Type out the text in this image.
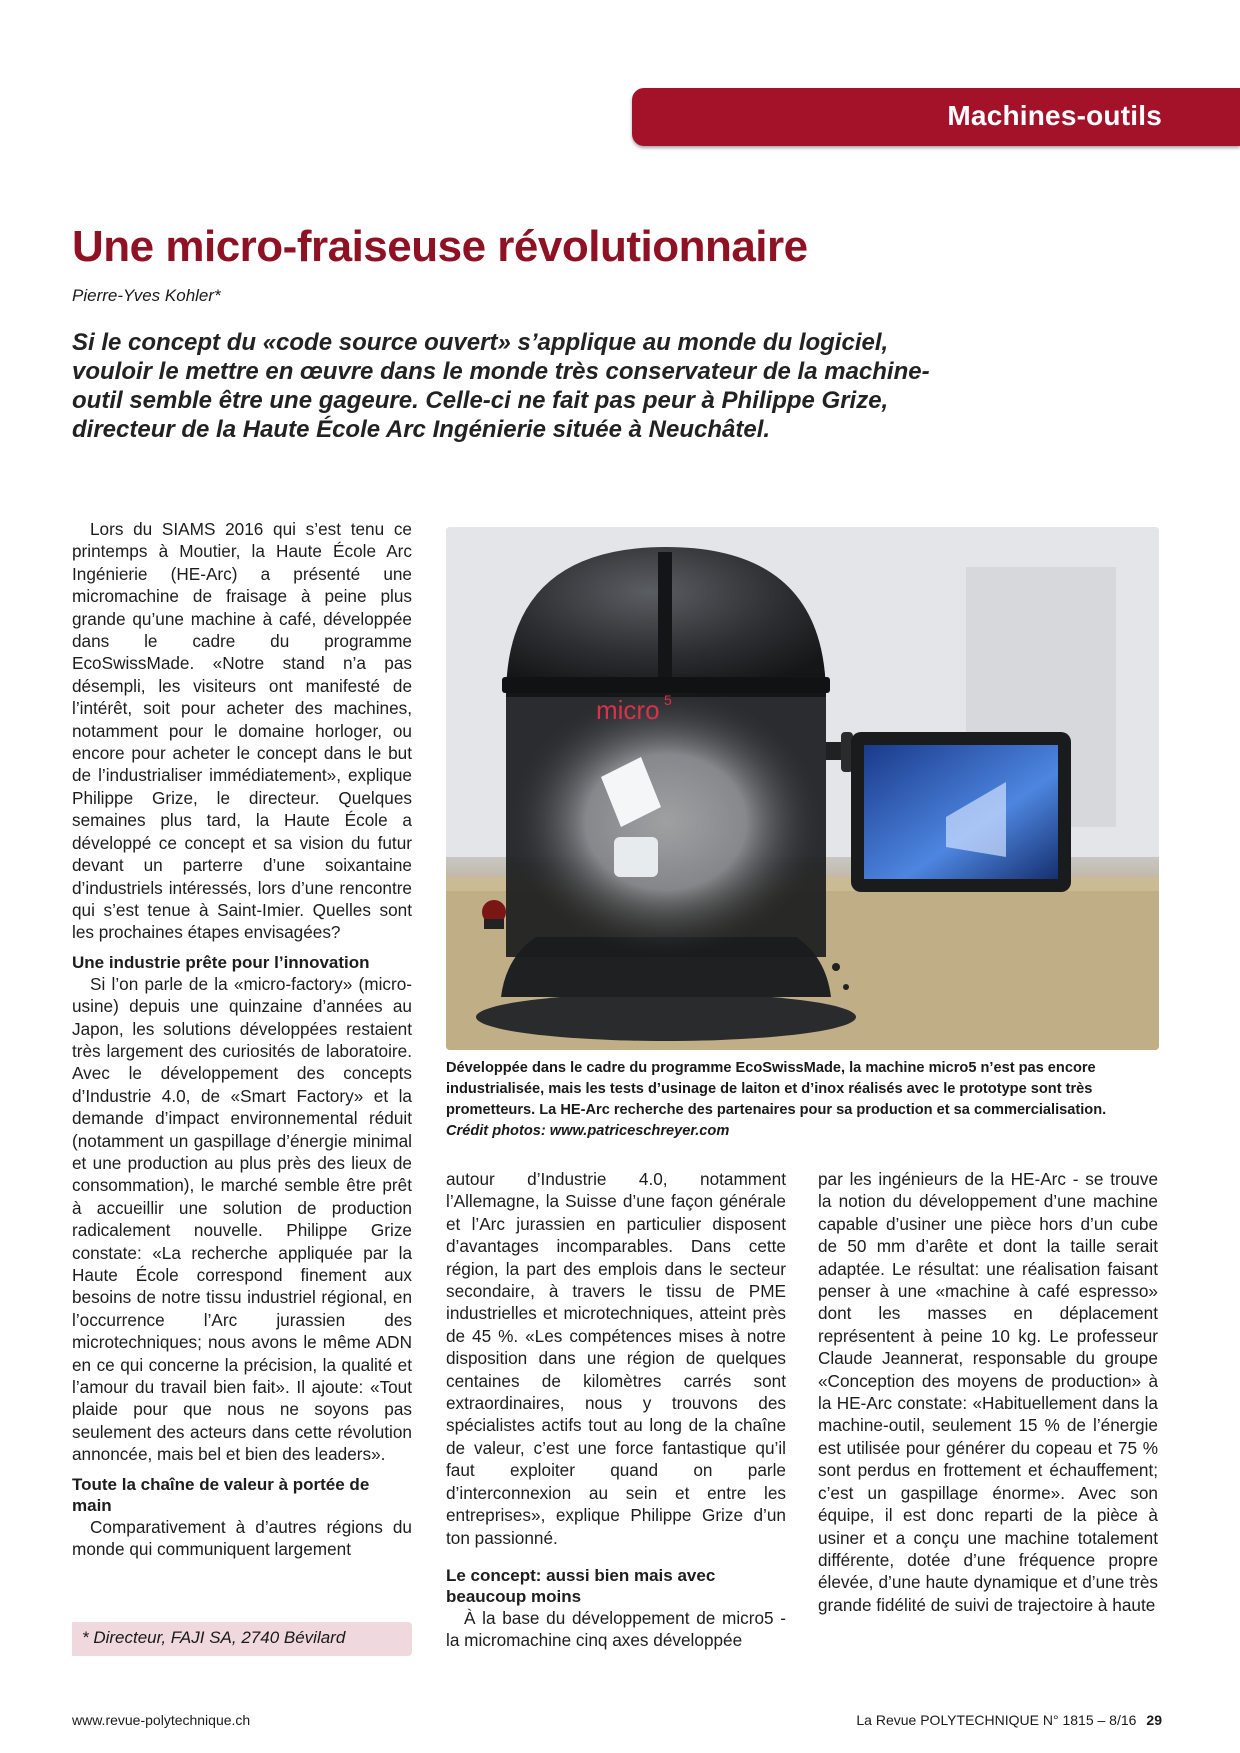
Machines-outils
Une micro-fraiseuse révolutionnaire
Pierre-Yves Kohler*

Si le concept du «code source ouvert» s’applique au monde du logiciel, vouloir le mettre en œuvre dans le monde très conservateur de la machine-outil semble être une gageure. Celle-ci ne fait pas peur à Philippe Grize, directeur de la Haute École Arc Ingénierie située à Neuchâtel.

Lors du SIAMS 2016 qui s’est tenu ce printemps à Moutier, la Haute École Arc Ingénierie (HE-Arc) a présenté une micromachine de fraisage à peine plus grande qu’une machine à café, développée dans le cadre du programme EcoSwissMade. «Notre stand n’a pas désempli, les visiteurs ont manifesté de l’intérêt, soit pour acheter des machines, notamment pour le domaine horloger, ou encore pour acheter le concept dans le but de l’industrialiser immédiatement», explique Philippe Grize, le directeur. Quelques semaines plus tard, la Haute École a développé ce concept et sa vision du futur devant un parterre d’une soixantaine d’industriels intéressés, lors d’une rencontre qui s’est tenue à Saint-Imier. Quelles sont les prochaines étapes envisagées?

Une industrie prête pour l’innovation

Si l’on parle de la «micro-factory» (micro-usine) depuis une quinzaine d’années au Japon, les solutions développées restaient très largement des curiosités de laboratoire. Avec le développement des concepts d’Industrie 4.0, de «Smart Factory» et la demande d’impact environnemental réduit (notamment un gaspillage d’énergie minimal et une production au plus près des lieux de consommation), le marché semble être prêt à accueillir une solution de production radicalement nouvelle. Philippe Grize constate: «La recherche appliquée par la Haute École correspond finement aux besoins de notre tissu industriel régional, en l’occurrence l’Arc jurassien des microtechniques; nous avons le même ADN en ce qui concerne la précision, la qualité et l’amour du travail bien fait». Il ajoute: «Tout plaide pour que nous ne soyons pas seulement des acteurs dans cette révolution annoncée, mais bel et bien des leaders».

Toute la chaîne de valeur à portée de main

Comparativement à d’autres régions du monde qui communiquent largement

micro 5
Développée dans le cadre du programme EcoSwissMade, la machine micro5 n’est pas encore industrialisée, mais les tests d’usinage de laiton et d’inox réalisés avec le prototype sont très prometteurs. La HE-Arc recherche des partenaires pour sa production et sa commercialisation.
Crédit photos: www.patriceschreyer.com

autour d’Industrie 4.0, notamment l’Allemagne, la Suisse d’une façon générale et l’Arc jurassien en particulier disposent d’avantages incomparables. Dans cette région, la part des emplois dans le secteur secondaire, à travers le tissu de PME industrielles et microtechniques, atteint près de 45 %. «Les compétences mises à notre disposition dans une région de quelques centaines de kilomètres carrés sont extraordinaires, nous y trouvons des spécialistes actifs tout au long de la chaîne de valeur, c’est une force fantastique qu’il faut exploiter quand on parle d’interconnexion au sein et entre les entreprises», explique Philippe Grize d’un ton passionné.

Le concept: aussi bien mais avec beaucoup moins

À la base du développement de micro5 - la micromachine cinq axes développée

par les ingénieurs de la HE-Arc - se trouve la notion du développement d’une machine capable d’usiner une pièce hors d’un cube de 50 mm d’arête et dont la taille serait adaptée. Le résultat: une réalisation faisant penser à une «machine à café espresso» dont les masses en déplacement représentent à peine 10 kg. Le professeur Claude Jeannerat, responsable du groupe «Conception des moyens de production» à la HE-Arc constate: «Habituellement dans la machine-outil, seulement 15 % de l’énergie est utilisée pour générer du copeau et 75 % sont perdus en frottement et échauffement; c’est un gaspillage énorme». Avec son équipe, il est donc reparti de la pièce à usiner et a conçu une machine totalement différente, dotée d’une fréquence propre élevée, d’une haute dynamique et d’une très grande fidélité de suivi de trajectoire à haute

* Directeur, FAJI SA, 2740 Bévilard
www.revue-polytechnique.ch	La Revue POLYTECHNIQUE N° 1815 – 8/16 29
